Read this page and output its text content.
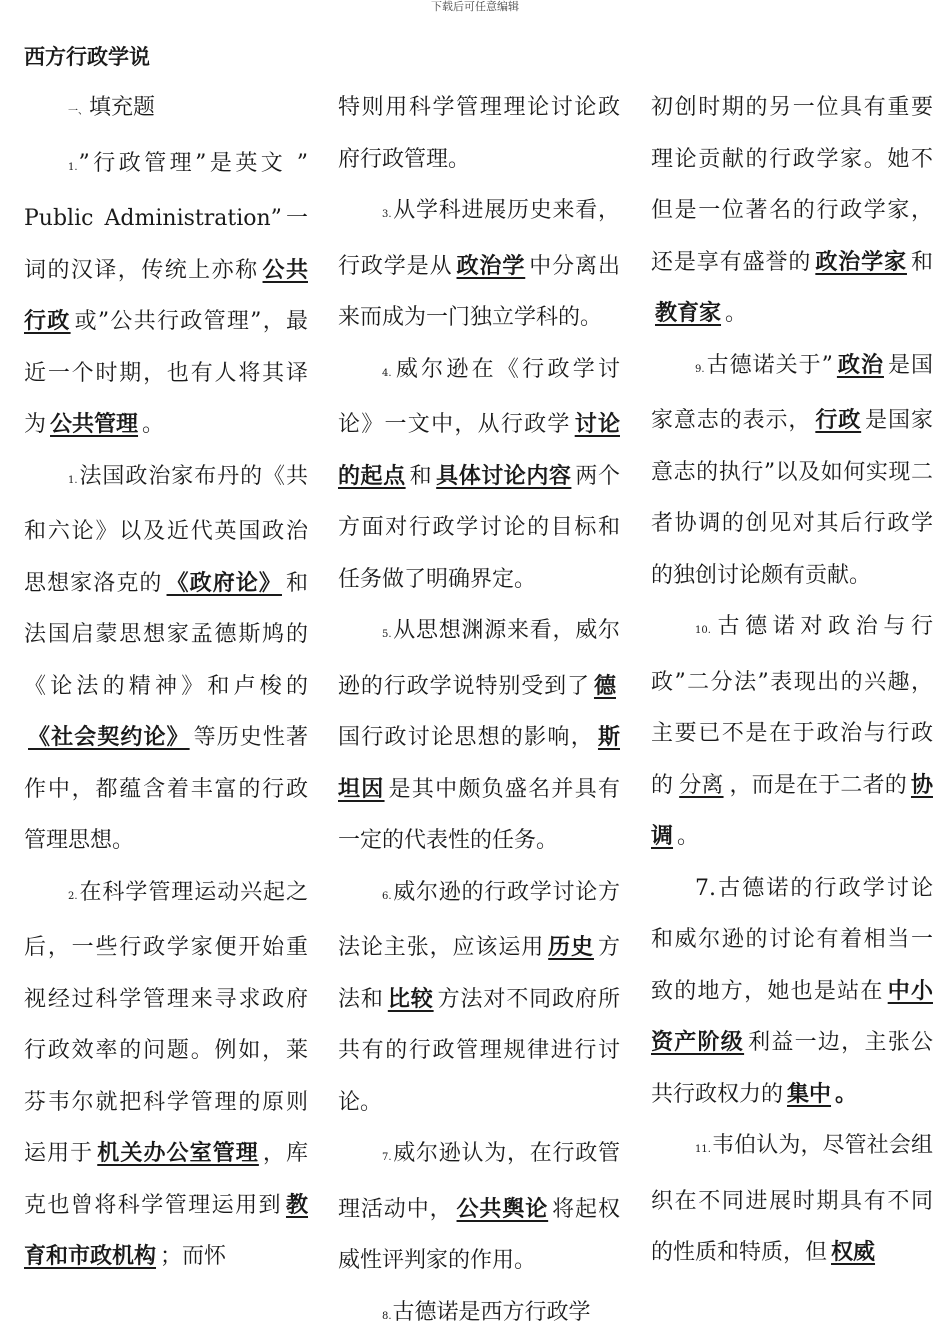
下载后可任意编辑
西方行政学说

一、填充题

1.”行政管理”是英文 ” Public Administration”一词的汉译，传统上亦称 公共行政 或”公共行政管理”，最近一个时期，也有人将其译为 公共管理 。

1.法国政治家布丹的《共和六论》以及近代英国政治思想家洛克的 《政府论》 和法国启蒙思想家孟德斯鸠的《论法的精神》和卢梭的《社会契约论》 等历史性著作中，都蕴含着丰富的行政管理思想。

2.在科学管理运动兴起之后，一些行政学家便开始重视经过科学管理来寻求政府行政效率的问题。例如，莱芬韦尔就把科学管理的原则运用于 机关办公室管理 ，库克也曾将科学管理运用到 教育和市政机构 ；而怀

特则用科学管理理论讨论政府行政管理。

3.从学科进展历史来看，行政学是从 政治学 中分离出来而成为一门独立学科的。

4.威尔逊在《行政学讨论》一文中，从行政学 讨论的起点 和 具体讨论内容 两个方面对行政学讨论的目标和任务做了明确界定。

5.从思想渊源来看，威尔逊的行政学说特别受到了 德国行政讨论思想的影响， 斯坦因 是其中颇负盛名并具有一定的代表性的任务。

6.威尔逊的行政学讨论方法论主张，应该运用 历史 方法和 比较 方法对不同政府所共有的行政管理规律进行讨论。

7.威尔逊认为，在行政管理活动中， 公共舆论 将起权威性评判家的作用。

8.古德诺是西方行政学

初创时期的另一位具有重要理论贡献的行政学家。她不但是一位著名的行政学家，还是享有盛誉的 政治学家 和教育家 。

9.古德诺关于” 政治 是国家意志的表示， 行政 是国家意志的执行”以及如何实现二者协调的创见对其后行政学的独创讨论颇有贡献。

10.古德诺对政治与行政”二分法”表现出的兴趣，主要已不是在于政治与行政的 分离 ，而是在于二者的 协调 。

7.古德诺的行政学讨论和威尔逊的讨论有着相当一致的地方，她也是站在 中小资产阶级 利益一边，主张公共行政权力的 集中 。

11.韦伯认为，尽管社会组织在不同进展时期具有不同的性质和特质，但 权威
